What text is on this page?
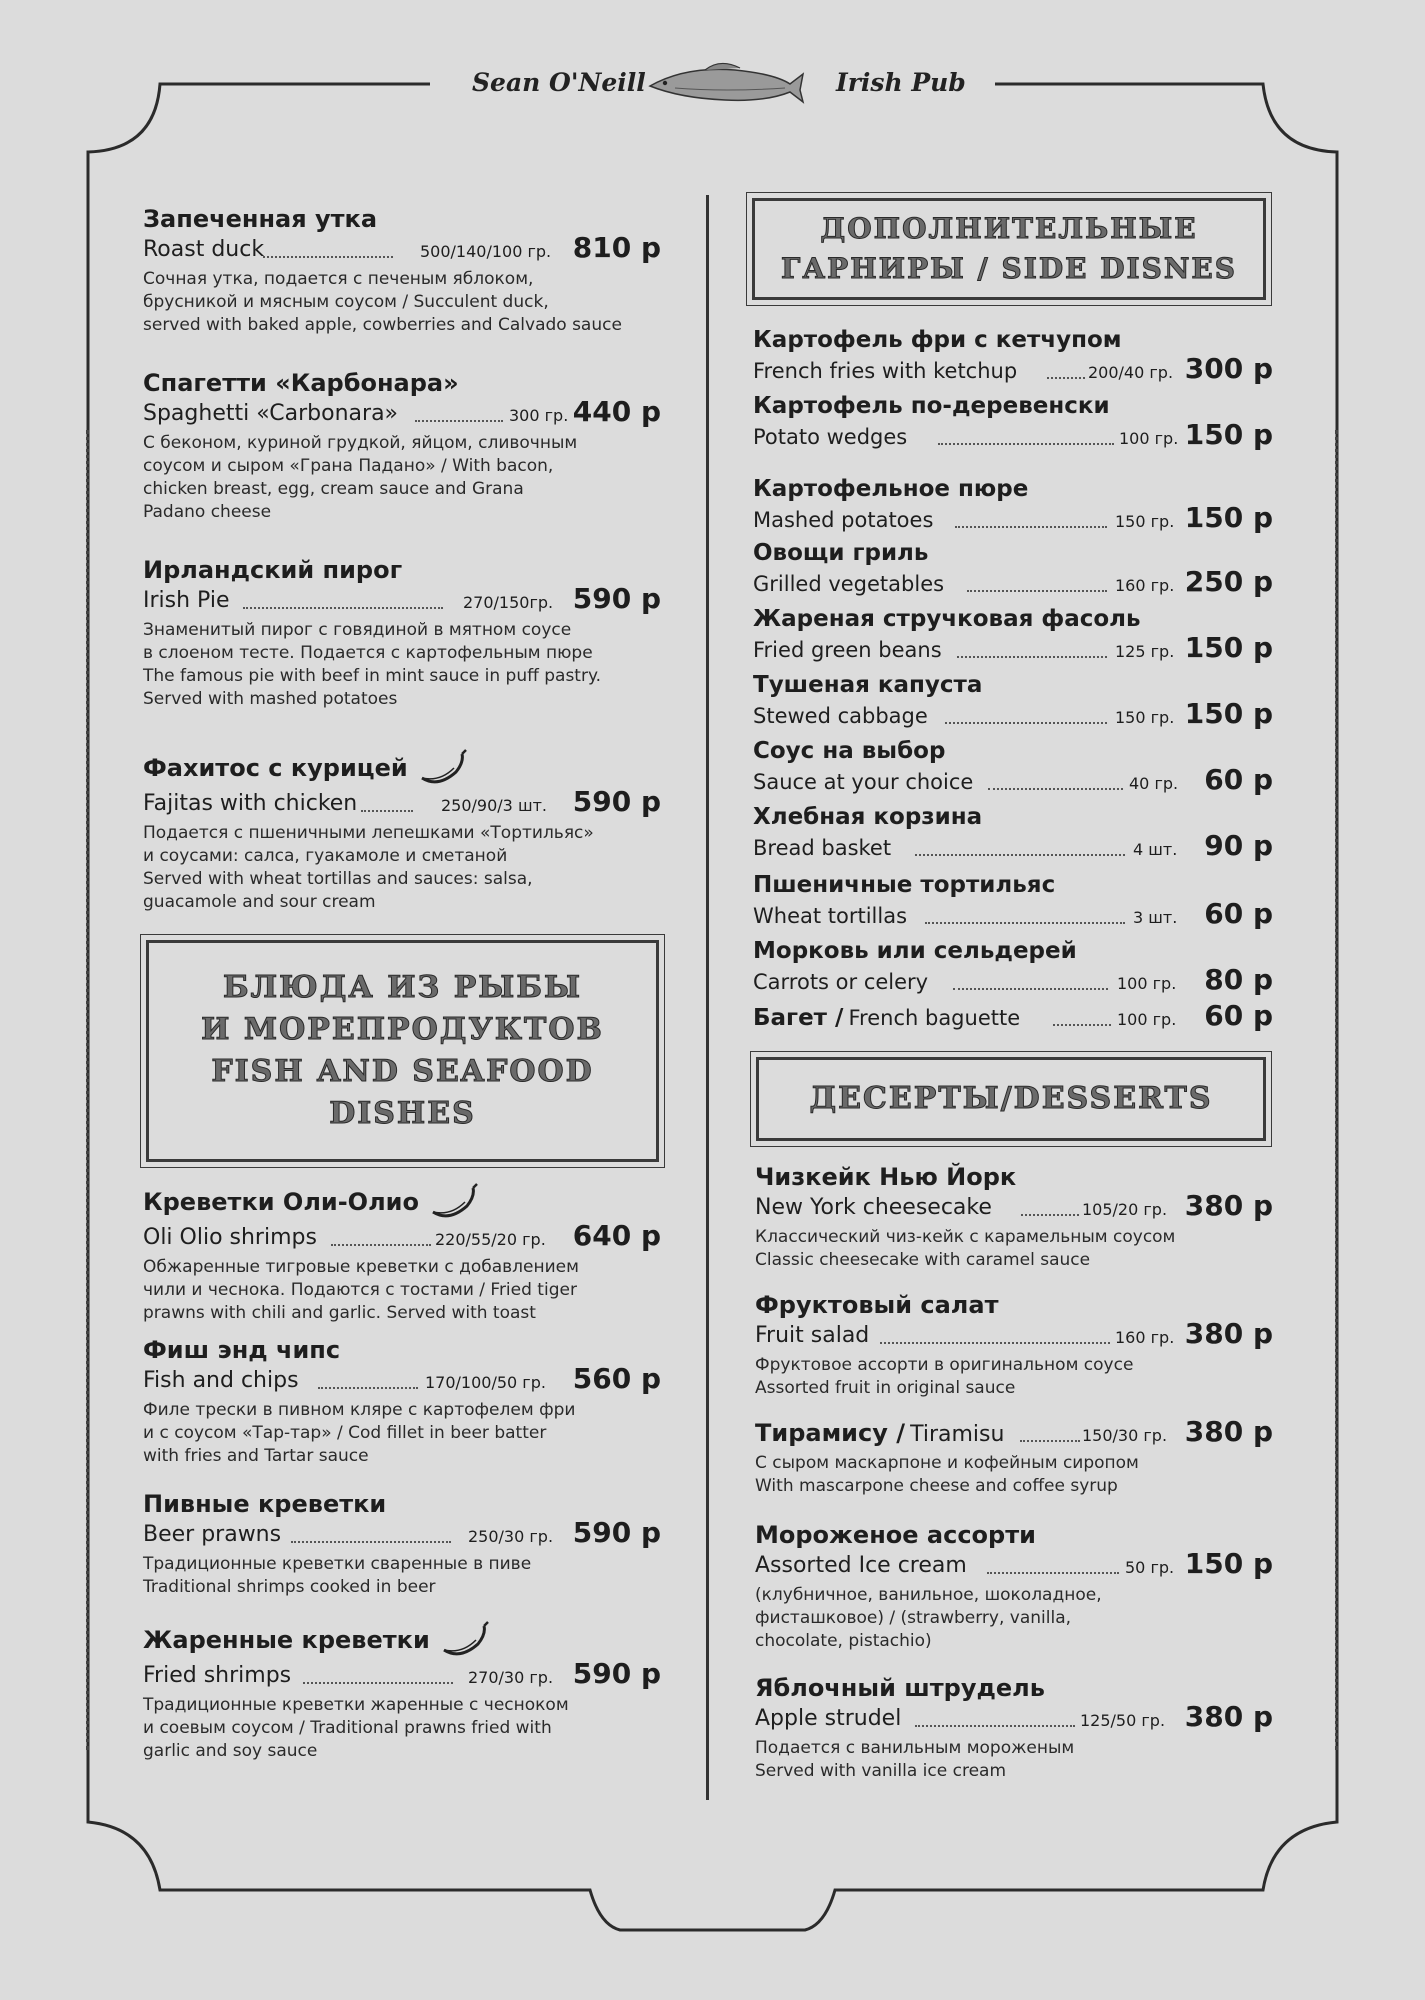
Sean O'Neill	Irish Pub
Запеченная утка
Roast duck	500/140/100 гр. 810 р
Сочная утка, подается с печеным яблоком,
брусникой и мясным соусом / Succulent duck,
served with baked apple, cowberries and Calvado sauce
Спагетти «Карбонара»
Spaghetti «Carbonara»	300 гр. 440 р
С беконом, куриной грудкой, яйцом, сливочным
соусом и сыром «Грана Падано» / With bacon,
chicken breast, egg, cream sauce and Grana
Padano cheese
Ирландский пирог
Irish Pie	270/150гр. 590 р
Знаменитый пирог с говядиной в мятном соусе
в слоеном тесте. Подается с картофельным пюре
The famous pie with beef in mint sauce in puff pastry.
Served with mashed potatoes
Фахитос с курицей
Fajitas with chicken	250/90/3 шт. 590 р
Подается с пшеничными лепешками «Тортильяс»
и соусами: салса, гуакамоле и сметаной
Served with wheat tortillas and sauces: salsa,
guacamole and sour cream
БЛЮДА ИЗ РЫБЫ
И МОРЕПРОДУКТОВ
FISH AND SEAFOOD
DISHES
Креветки Оли-Олио
Oli Olio shrimps	220/55/20 гр. 640 р
Обжаренные тигровые креветки с добавлением
чили и чеснока. Подаются с тостами / Fried tiger
prawns with chili and garlic. Served with toast
Фиш энд чипс
Fish and chips	170/100/50 гр. 560 р
Филе трески в пивном кляре с картофелем фри
и с соусом «Тар-тар» / Cod fillet in beer batter
with fries and Tartar sauce
Пивные креветки
Beer prawns	250/30 гр. 590 р
Традиционные креветки сваренные в пиве
Traditional shrimps cooked in beer
Жаренные креветки
Fried shrimps	270/30 гр. 590 р
Традиционные креветки жаренные с чесноком
и соевым соусом / Traditional prawns fried with
garlic and soy sauce
ДОПОЛНИТЕЛЬНЫЕ
ГАРНИРЫ / SIDE DISNES
Картофель фри с кетчупом
French fries with ketchup	200/40 гр. 300 р
Картофель по-деревенски
Potato wedges	100 гр. 150 р
Картофельное пюре
Mashed potatoes	150 гр. 150 р
Овощи гриль
Grilled vegetables	160 гр. 250 р
Жареная стручковая фасоль
Fried green beans	125 гр. 150 р
Тушеная капуста
Stewed cabbage	150 гр. 150 р
Соус на выбор
Sauce at your choice	40 гр. 60 р
Хлебная корзина
Bread basket	4 шт. 90 р
Пшеничные тортильяс
Wheat tortillas	3 шт. 60 р
Морковь или сельдерей
Carrots or celery	100 гр. 80 р
Багет / French baguette	100 гр. 60 р
ДЕСЕРТЫ/DESSERTS
Чизкейк Нью Йорк
New York cheesecake	105/20 гр. 380 р
Классический чиз-кейк с карамельным соусом
Classic cheesecake with caramel sauce
Фруктовый салат
Fruit salad	160 гр. 380 р
Фруктовое ассорти в оригинальном соусе
Assorted fruit in original sauce
Тирамису / Tiramisu	150/30 гр. 380 р
С сыром маскарпоне и кофейным сиропом
With mascarpone cheese and coffee syrup
Мороженое ассорти
Assorted Ice cream	50 гр. 150 р
(клубничное, ванильное, шоколадное,
фисташковое) / (strawberry, vanilla,
chocolate, pistachio)
Яблочный штрудель
Apple strudel	125/50 гр. 380 р
Подается с ванильным мороженым
Served with vanilla ice cream
